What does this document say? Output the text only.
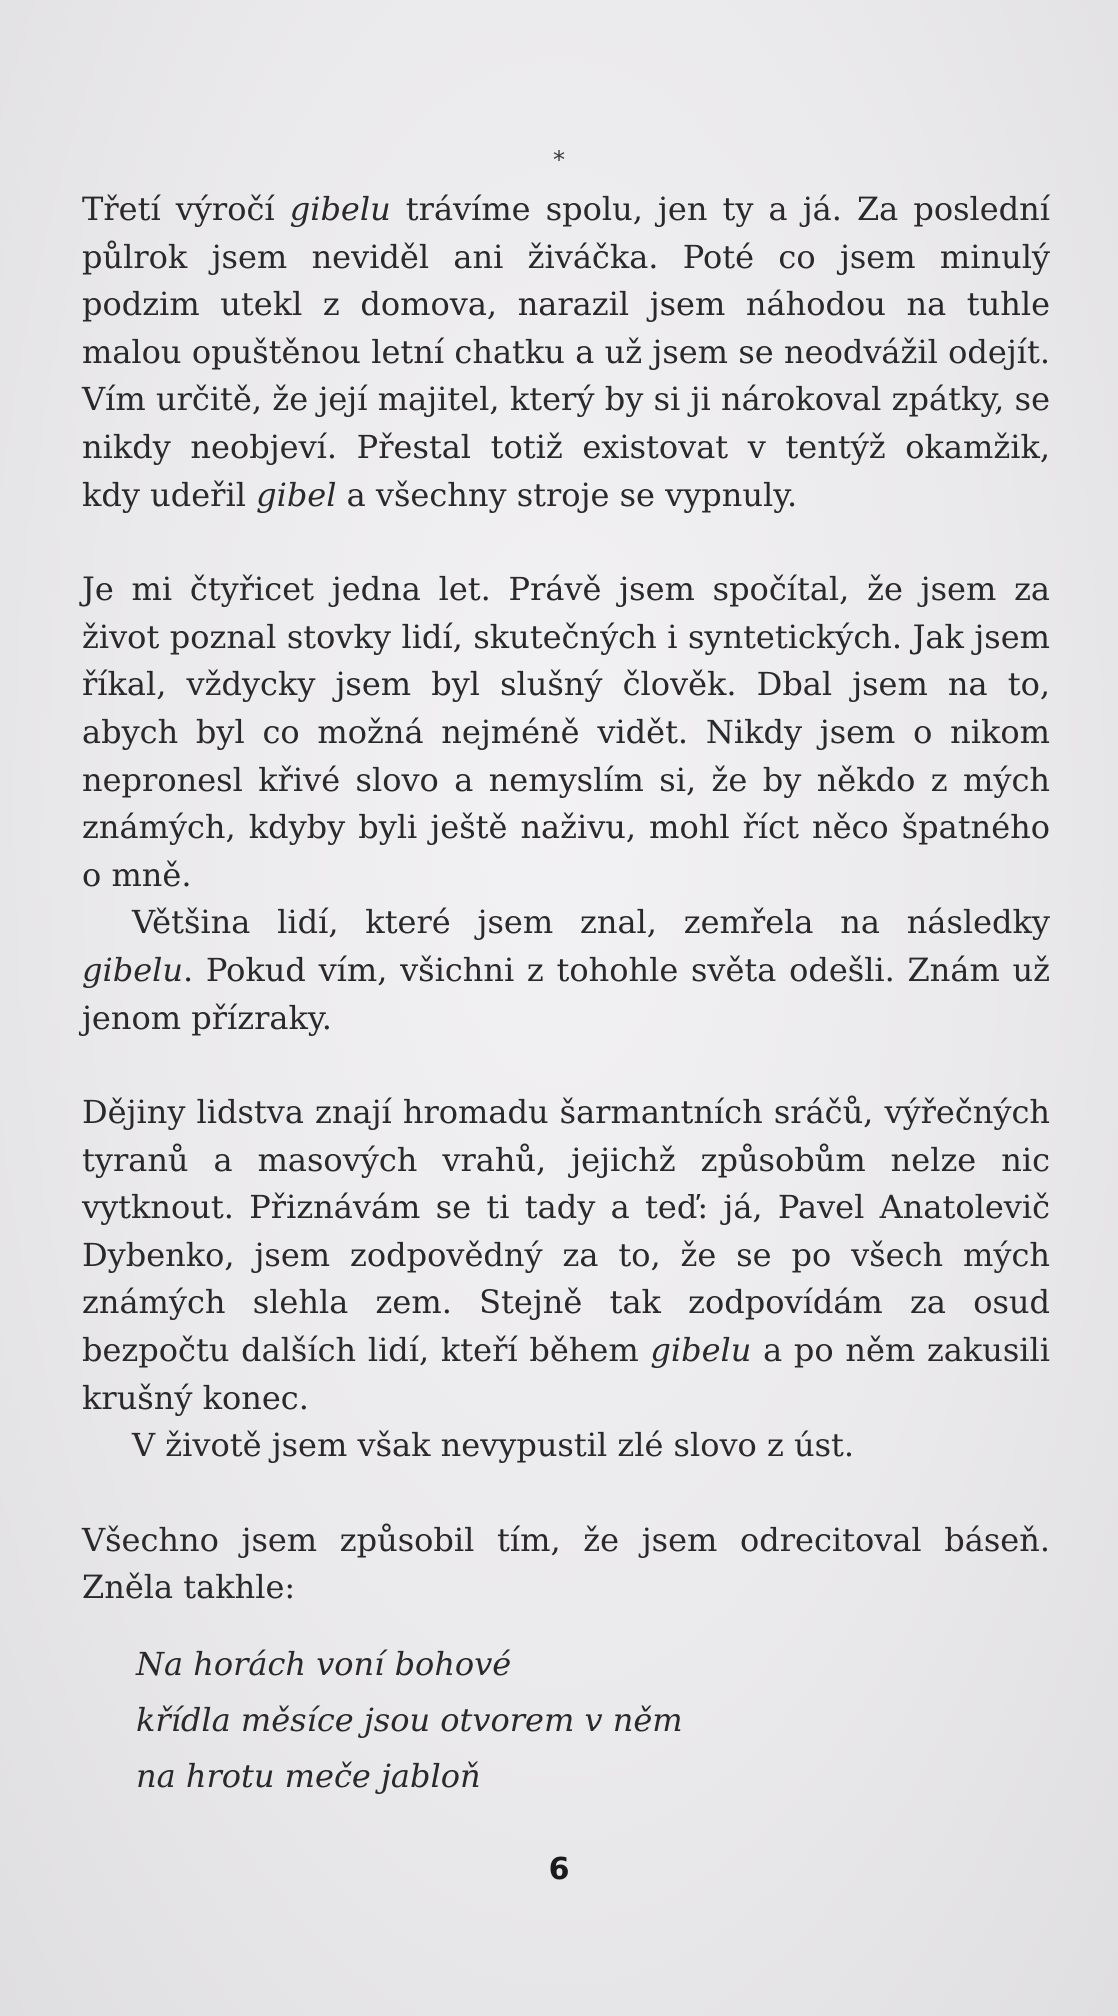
*

Třetí výročí gibelu trávíme spolu, jen ty a já. Za poslední půlrok jsem neviděl ani živáčka. Poté co jsem minulý podzim utekl z domova, narazil jsem náhodou na tuhle malou opuštěnou letní chatku a už jsem se neodvážil odejít. Vím určitě, že její majitel, který by si ji nárokoval zpátky, se nikdy neobjeví. Přestal totiž existovat v tentýž okamžik, kdy udeřil gibel a všechny stroje se vypnuly.

Je mi čtyřicet jedna let. Právě jsem spočítal, že jsem za život poznal stovky lidí, skutečných i syntetických. Jak jsem říkal, vždycky jsem byl slušný člověk. Dbal jsem na to, abych byl co možná nejméně vidět. Nikdy jsem o nikom nepronesl křivé slovo a nemyslím si, že by někdo z mých známých, kdyby byli ještě naživu, mohl říct něco špatného o mně.

Většina lidí, které jsem znal, zemřela na následky gibelu. Pokud vím, všichni z tohohle světa odešli. Znám už jenom přízraky.

Dějiny lidstva znají hromadu šarmantních sráčů, výřečných tyranů a masových vrahů, jejichž způsobům nelze nic vytknout. Přiznávám se ti tady a teď: já, Pavel Anatolevič Dybenko, jsem zodpovědný za to, že se po všech mých známých slehla zem. Stejně tak zodpovídám za osud bezpočtu dalších lidí, kteří během gibelu a po něm zakusili krušný konec.

V životě jsem však nevypustil zlé slovo z úst.

Všechno jsem způsobil tím, že jsem odrecitoval báseň. Zněla takhle:

Na horách voní bohové
křídla měsíce jsou otvorem v něm
na hrotu meče jabloň
6
